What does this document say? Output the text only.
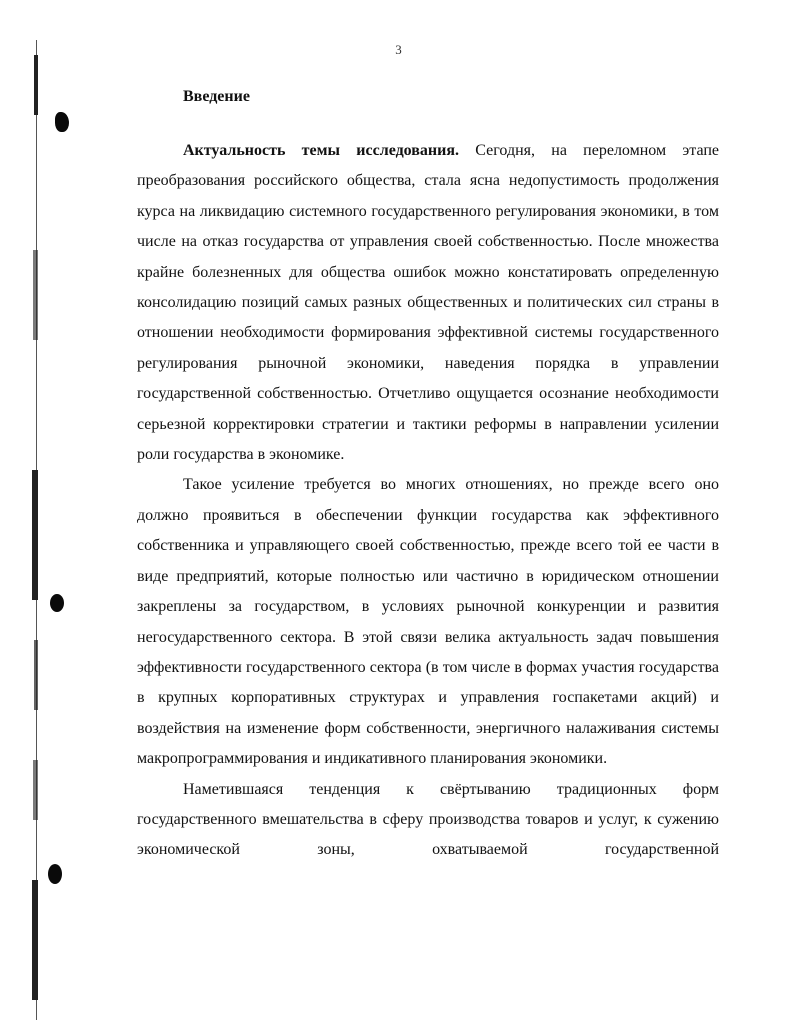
3
Введение

Актуальность темы исследования. Сегодня, на переломном этапе преобразования российского общества, стала ясна недопустимость продолжения курса на ликвидацию системного государственного регулирования экономики, в том числе на отказ государства от управления своей собственностью. После множества крайне болезненных для общества ошибок можно констатировать определенную консолидацию позиций самых разных общественных и политических сил страны в отношении необходимости формирования эффективной системы государственного регулирования рыночной экономики, наведения порядка в управлении государственной собственностью. Отчетливо ощущается осознание необходимости серьезной корректировки стратегии и тактики реформы в направлении усилении роли государства в экономике.

Такое усиление требуется во многих отношениях, но прежде всего оно должно проявиться в обеспечении функции государства как эффективного собственника и управляющего своей собственностью, прежде всего той ее части в виде предприятий, которые полностью или частично в юридическом отношении закреплены за государством, в условиях рыночной конкуренции и развития негосударственного сектора. В этой связи велика актуальность задач повышения эффективности государственного сектора (в том числе в формах участия государства в крупных корпоративных структурах и управления госпакетами акций) и воздействия на изменение форм собственности, энергичного налаживания системы макропрограммирования и индикативного планирования экономики.

Наметившаяся тенденция к свёртыванию традиционных форм государственного вмешательства в сферу производства товаров и услуг, к сужению экономической зоны, охватываемой государственной
